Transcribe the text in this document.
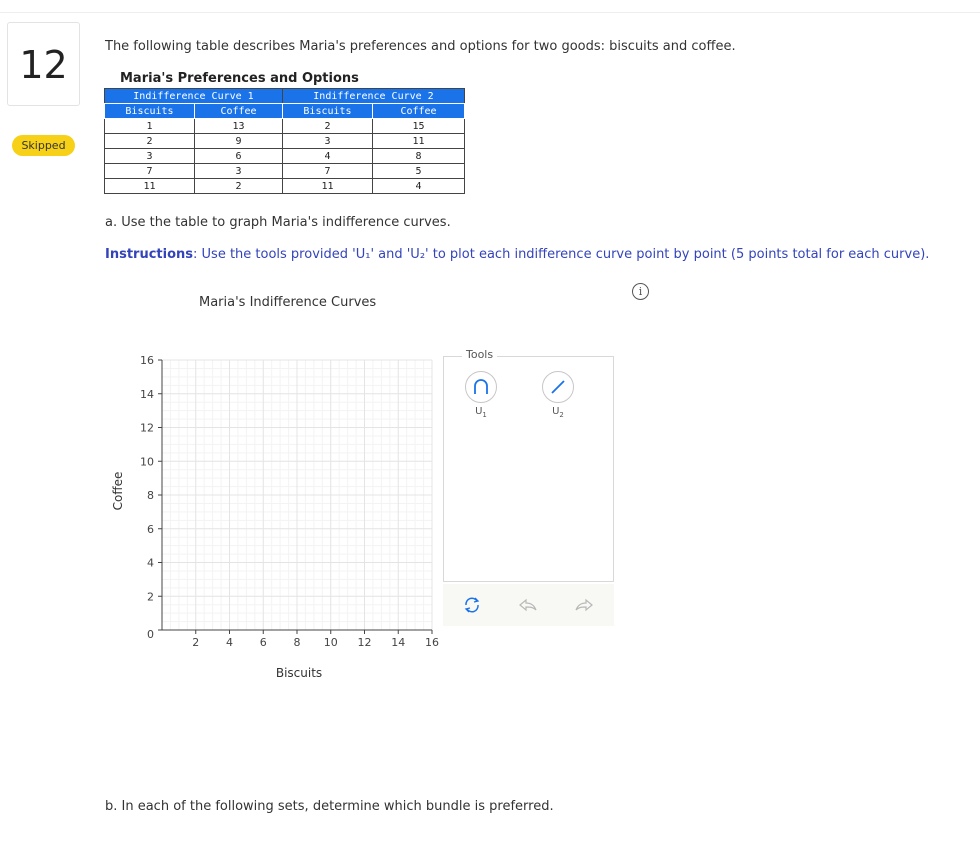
12
Skipped
The following table describes Maria's preferences and options for two goods: biscuits and coffee.
Maria's Preferences and Options
Indifference Curve 1		Indifference Curve 2	
Biscuits	Coffee	Biscuits	Coffee
1	13	2	15
2	9	3	11
3	6	4	8
7	3	7	5
11	2	11	4
a. Use the table to graph Maria's indifference curves.
Instructions: Use the tools provided 'U₁' and 'U₂' to plot each indifference curve point by point (5 points total for each curve).
i
Maria's Indifference Curves
2 4 6 8 10 12 14 16
0
2
4
6
8
10
12
14
16
Biscuits
Coffee
Tools
$U_1$	$U_2$
b. In each of the following sets, determine which bundle is preferred.
